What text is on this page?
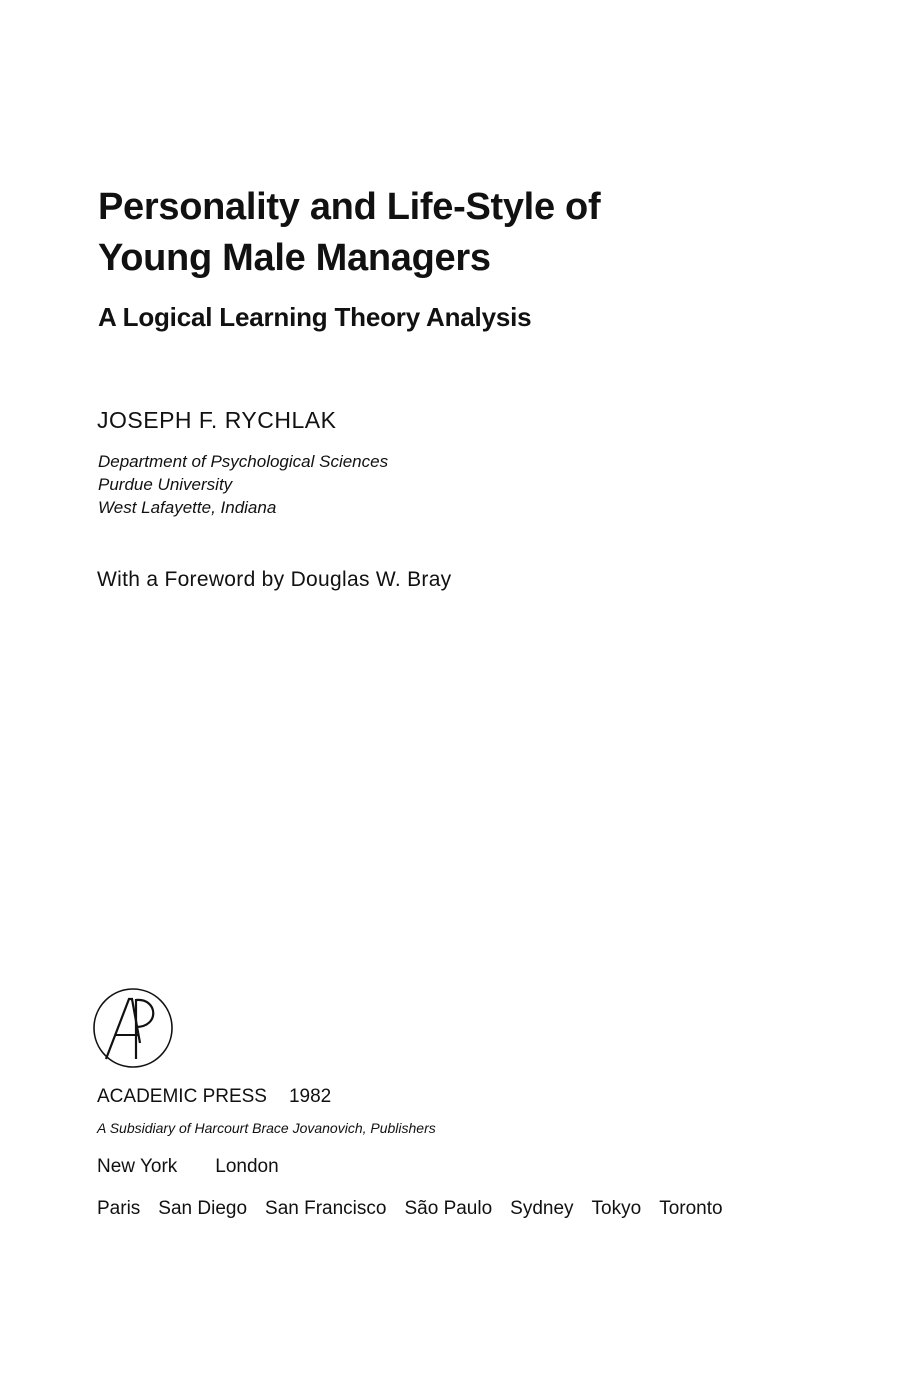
Personality and Life-Style of
Young Male Managers
A Logical Learning Theory Analysis
JOSEPH F. RYCHLAK
Department of Psychological Sciences
Purdue University
West Lafayette, Indiana
With a Foreword by Douglas W. Bray
ACADEMIC PRESS 1982
A Subsidiary of Harcourt Brace Jovanovich, Publishers
New York London
Paris San Diego San Francisco São Paulo Sydney Tokyo Toronto
